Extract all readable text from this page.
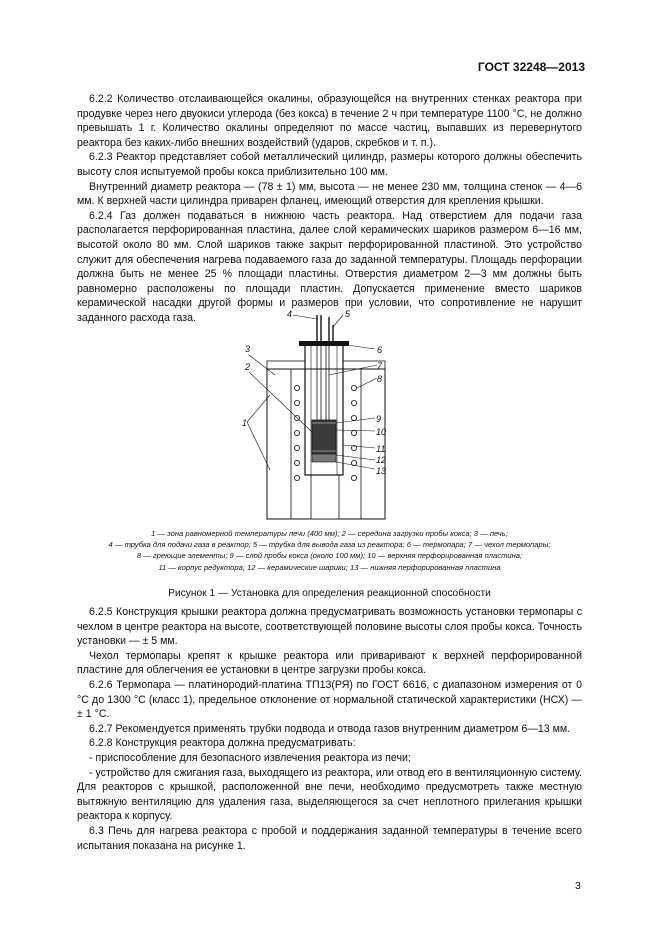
ГОСТ 32248—2013

6.2.2 Количество отслаивающейся окалины, образующейся на внутренних стенках реактора при продувке через него двуокиси углерода (без кокса) в течение 2 ч при температуре 1100 °С, не должно превышать 1 г. Количество окалины определяют по массе частиц, выпавших из перевернутого реактора без каких-либо внешних воздействий (ударов, скребков и т. п.).

6.2.3 Реактор представляет собой металлический цилиндр, размеры которого должны обеспечить высоту слоя испытуемой пробы кокса приблизительно 100 мм.

Внутренний диаметр реактора — (78 ± 1) мм, высота — не менее 230 мм, толщина стенок — 4—6 мм. К верхней части цилиндра приварен фланец, имеющий отверстия для крепления крышки.

6.2.4 Газ должен подаваться в нижнюю часть реактора. Над отверстием для подачи газа располагается перфорированная пластина, далее слой керамических шариков размером 6—16 мм, высотой около 80 мм. Слой шариков также закрыт перфорированной пластиной. Это устройство служит для обеспечения нагрева подаваемого газа до заданной температуры. Площадь перфорации должна быть не менее 25 % площади пластины. Отверстия диаметром 2—3 мм должны быть равномерно расположены по площади пластин. Допускается применение вместо шариков керамической насадки другой формы и размеров при условии, что сопротивление не нарушит заданного расхода газа.

3
2
1
4	5
6
7
8
9
10
11
12
13
1 — зона равномерной температуры печи (400 мм); 2 — середина загрузки пробы кокса; 3 — печь;
4 — трубка для подачи газа в реактор; 5 — трубка для вывода газа из реактора; 6 — термопара; 7 — чехол термопары;
8 — греющие элементы; 9 — слой пробы кокса (около 100 мм); 10 — верхняя перфорированная пластина;
11 — корпус редуктора; 12 — керамические шарики; 13 — нижняя перфорированная пластина
Рисунок 1 — Установка для определения реакционной способности

6.2.5 Конструкция крышки реактора должна предусматривать возможность установки термопары с чехлом в центре реактора на высоте, соответствующей половине высоты слоя пробы кокса. Точность установки — ± 5 мм.

Чехол термопары крепят к крышке реактора или приваривают к верхней перфорированной пластине для облегчения ее установки в центре загрузки пробы кокса.

6.2.6 Термопара — платинородий-платина ТП13(РЯ) по ГОСТ 6616, с диапазоном измерения от 0 °С до 1300 °С (класс 1), предельное отклонение от нормальной статической характеристики (НСХ) — ± 1 °С.

6.2.7 Рекомендуется применять трубки подвода и отвода газов внутренним диаметром 6—13 мм.

6.2.8 Конструкция реактора должна предусматривать:

- приспособление для безопасного извлечения реактора из печи;

- устройство для сжигания газа, выходящего из реактора, или отвод его в вентиляционную систему. Для реакторов с крышкой, расположенной вне печи, необходимо предусмотреть также местную вытяжную вентиляцию для удаления газа, выделяющегося за счет неплотного прилегания крышки реактора к корпусу.

6.3 Печь для нагрева реактора с пробой и поддержания заданной температуры в течение всего испытания показана на рисунке 1.

3
